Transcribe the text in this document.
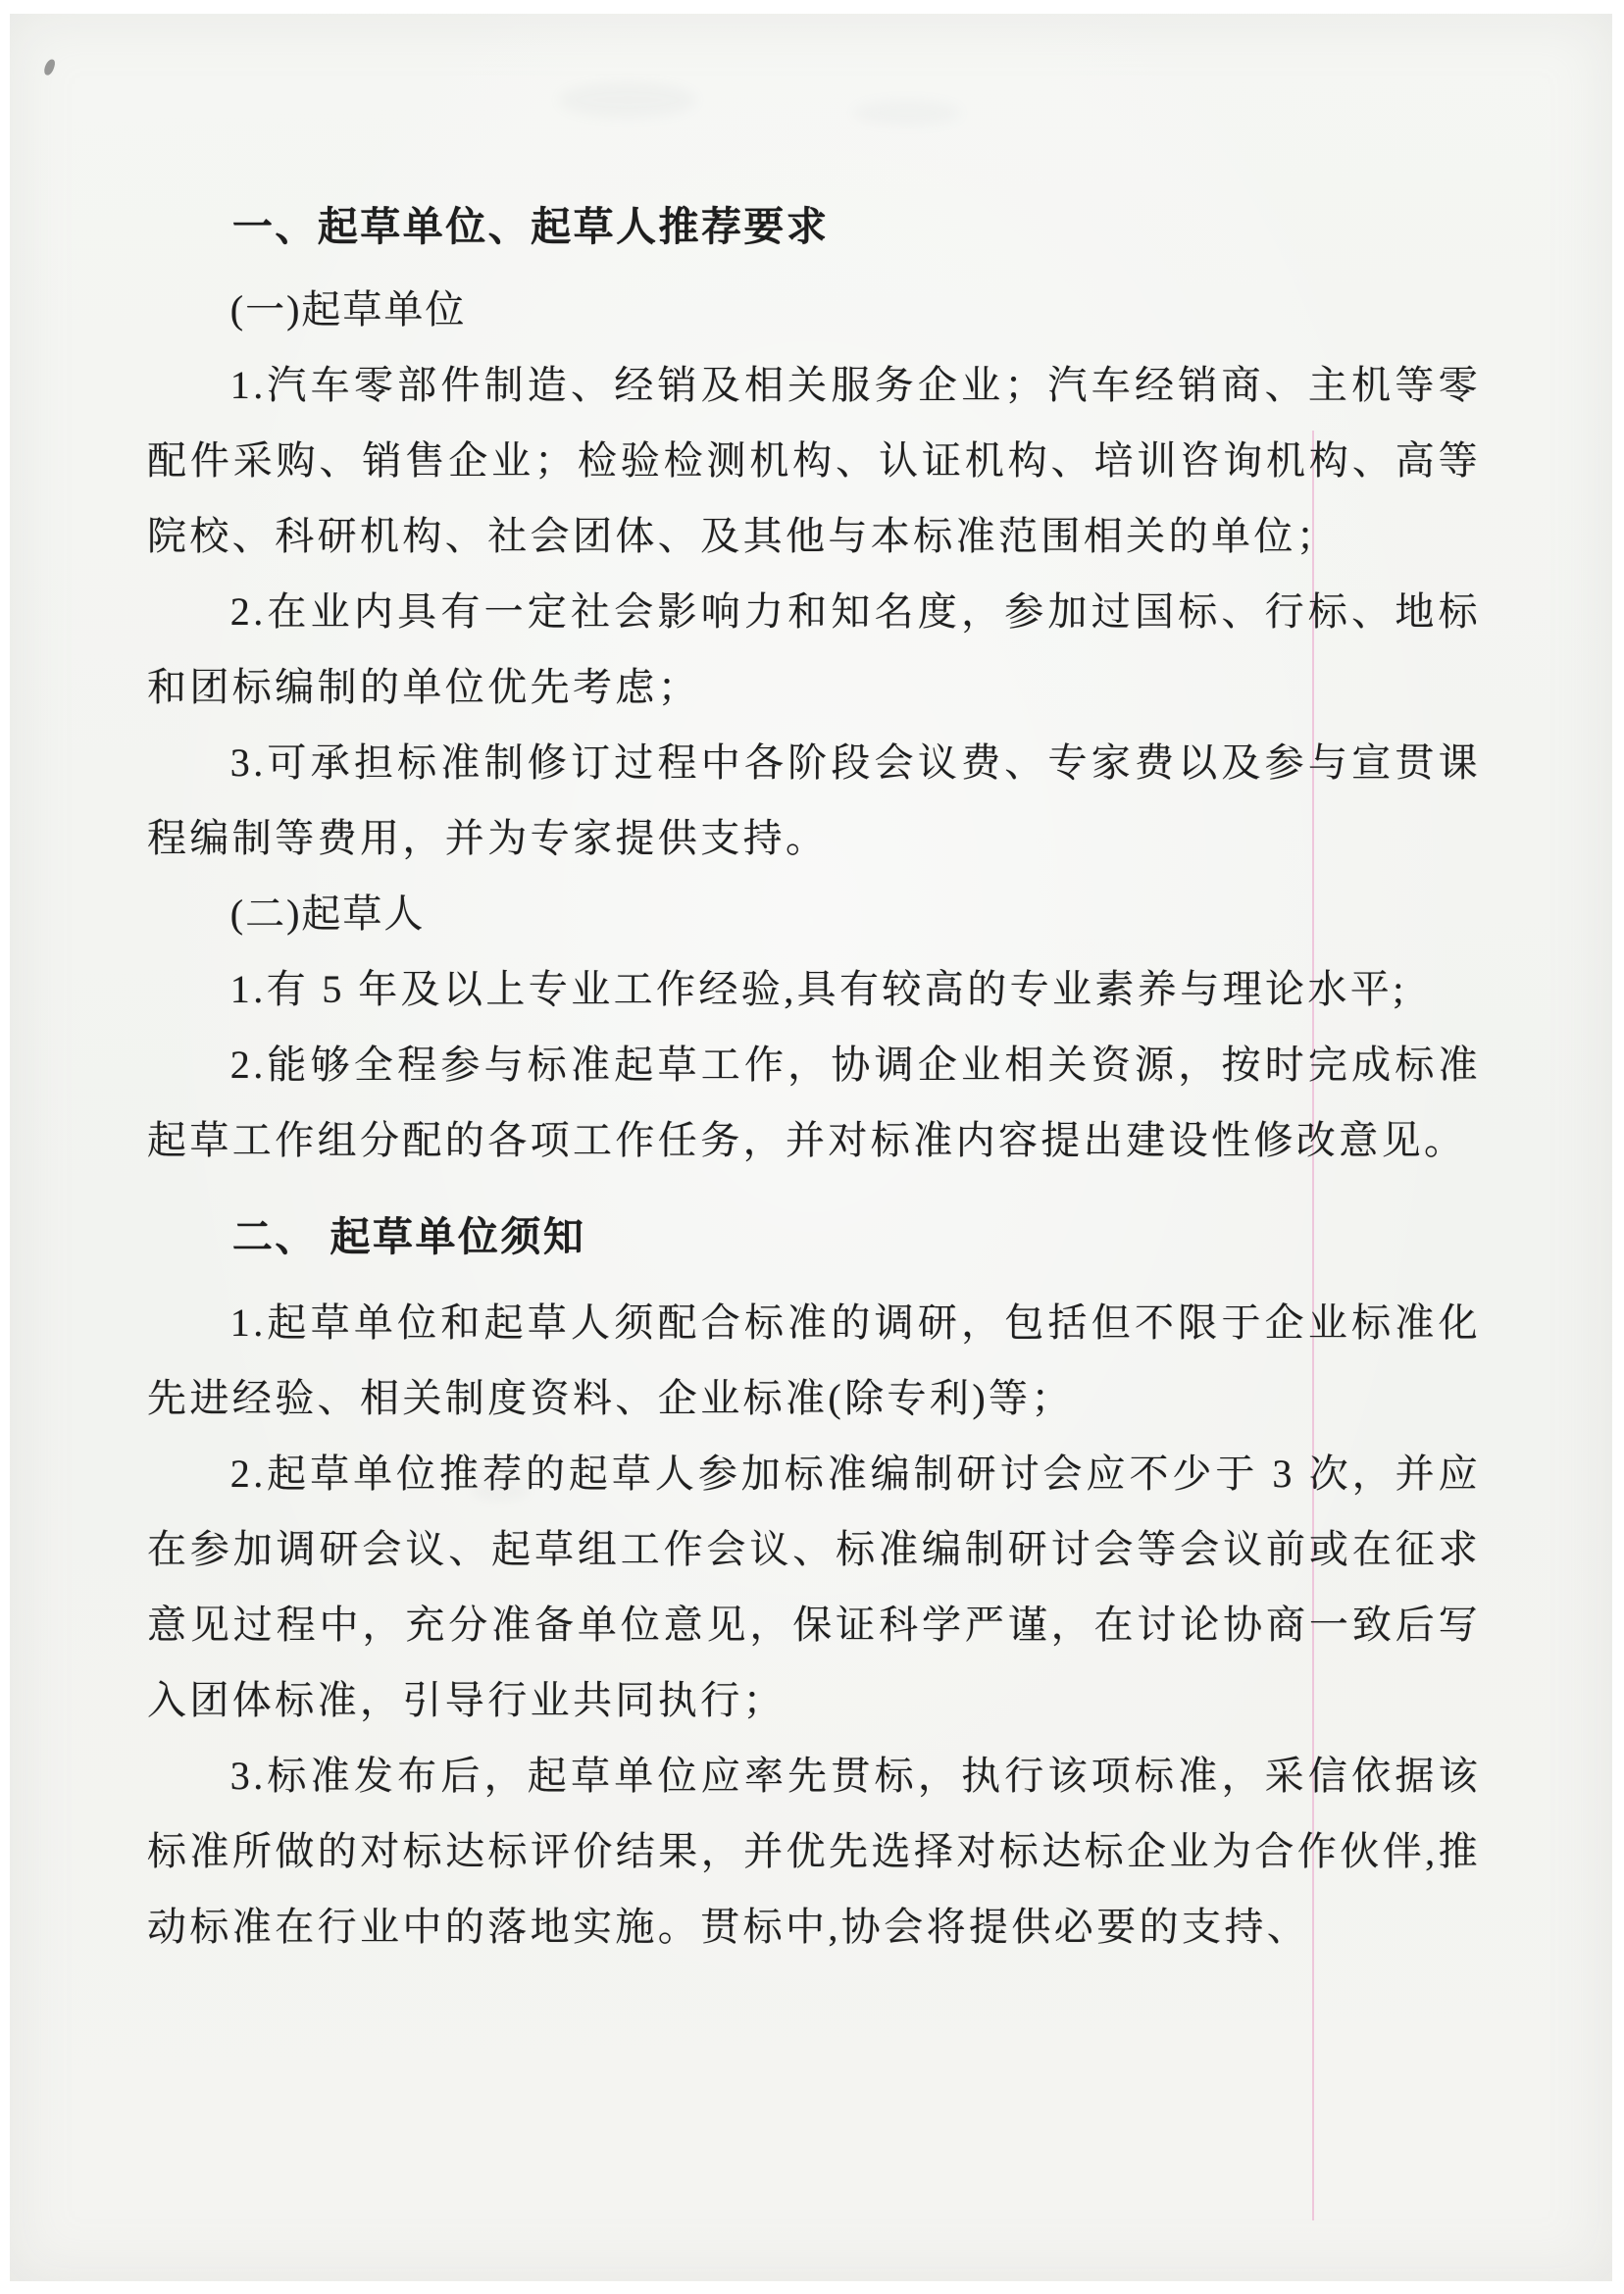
一、起草单位、起草人推荐要求
(一)起草单位
1.汽车零部件制造、经销及相关服务企业；汽车经销商、主机等零配件采购、销售企业；检验检测机构、认证机构、培训咨询机构、高等院校、科研机构、社会团体、及其他与本标准范围相关的单位；
2.在业内具有一定社会影响力和知名度，参加过国标、行标、地标和团标编制的单位优先考虑；
3.可承担标准制修订过程中各阶段会议费、专家费以及参与宣贯课程编制等费用，并为专家提供支持。
(二)起草人
1.有 5 年及以上专业工作经验,具有较高的专业素养与理论水平;
2.能够全程参与标准起草工作，协调企业相关资源，按时完成标准起草工作组分配的各项工作任务，并对标准内容提出建设性修改意见。
二、 起草单位须知
1.起草单位和起草人须配合标准的调研，包括但不限于企业标准化先进经验、相关制度资料、企业标准(除专利)等；
2.起草单位推荐的起草人参加标准编制研讨会应不少于 3 次，并应在参加调研会议、起草组工作会议、标准编制研讨会等会议前或在征求意见过程中，充分准备单位意见，保证科学严谨，在讨论协商一致后写入团体标准，引导行业共同执行；
3.标准发布后，起草单位应率先贯标，执行该项标准，采信依据该标准所做的对标达标评价结果，并优先选择对标达标企业为合作伙伴,推动标准在行业中的落地实施。贯标中,协会将提供必要的支持、
